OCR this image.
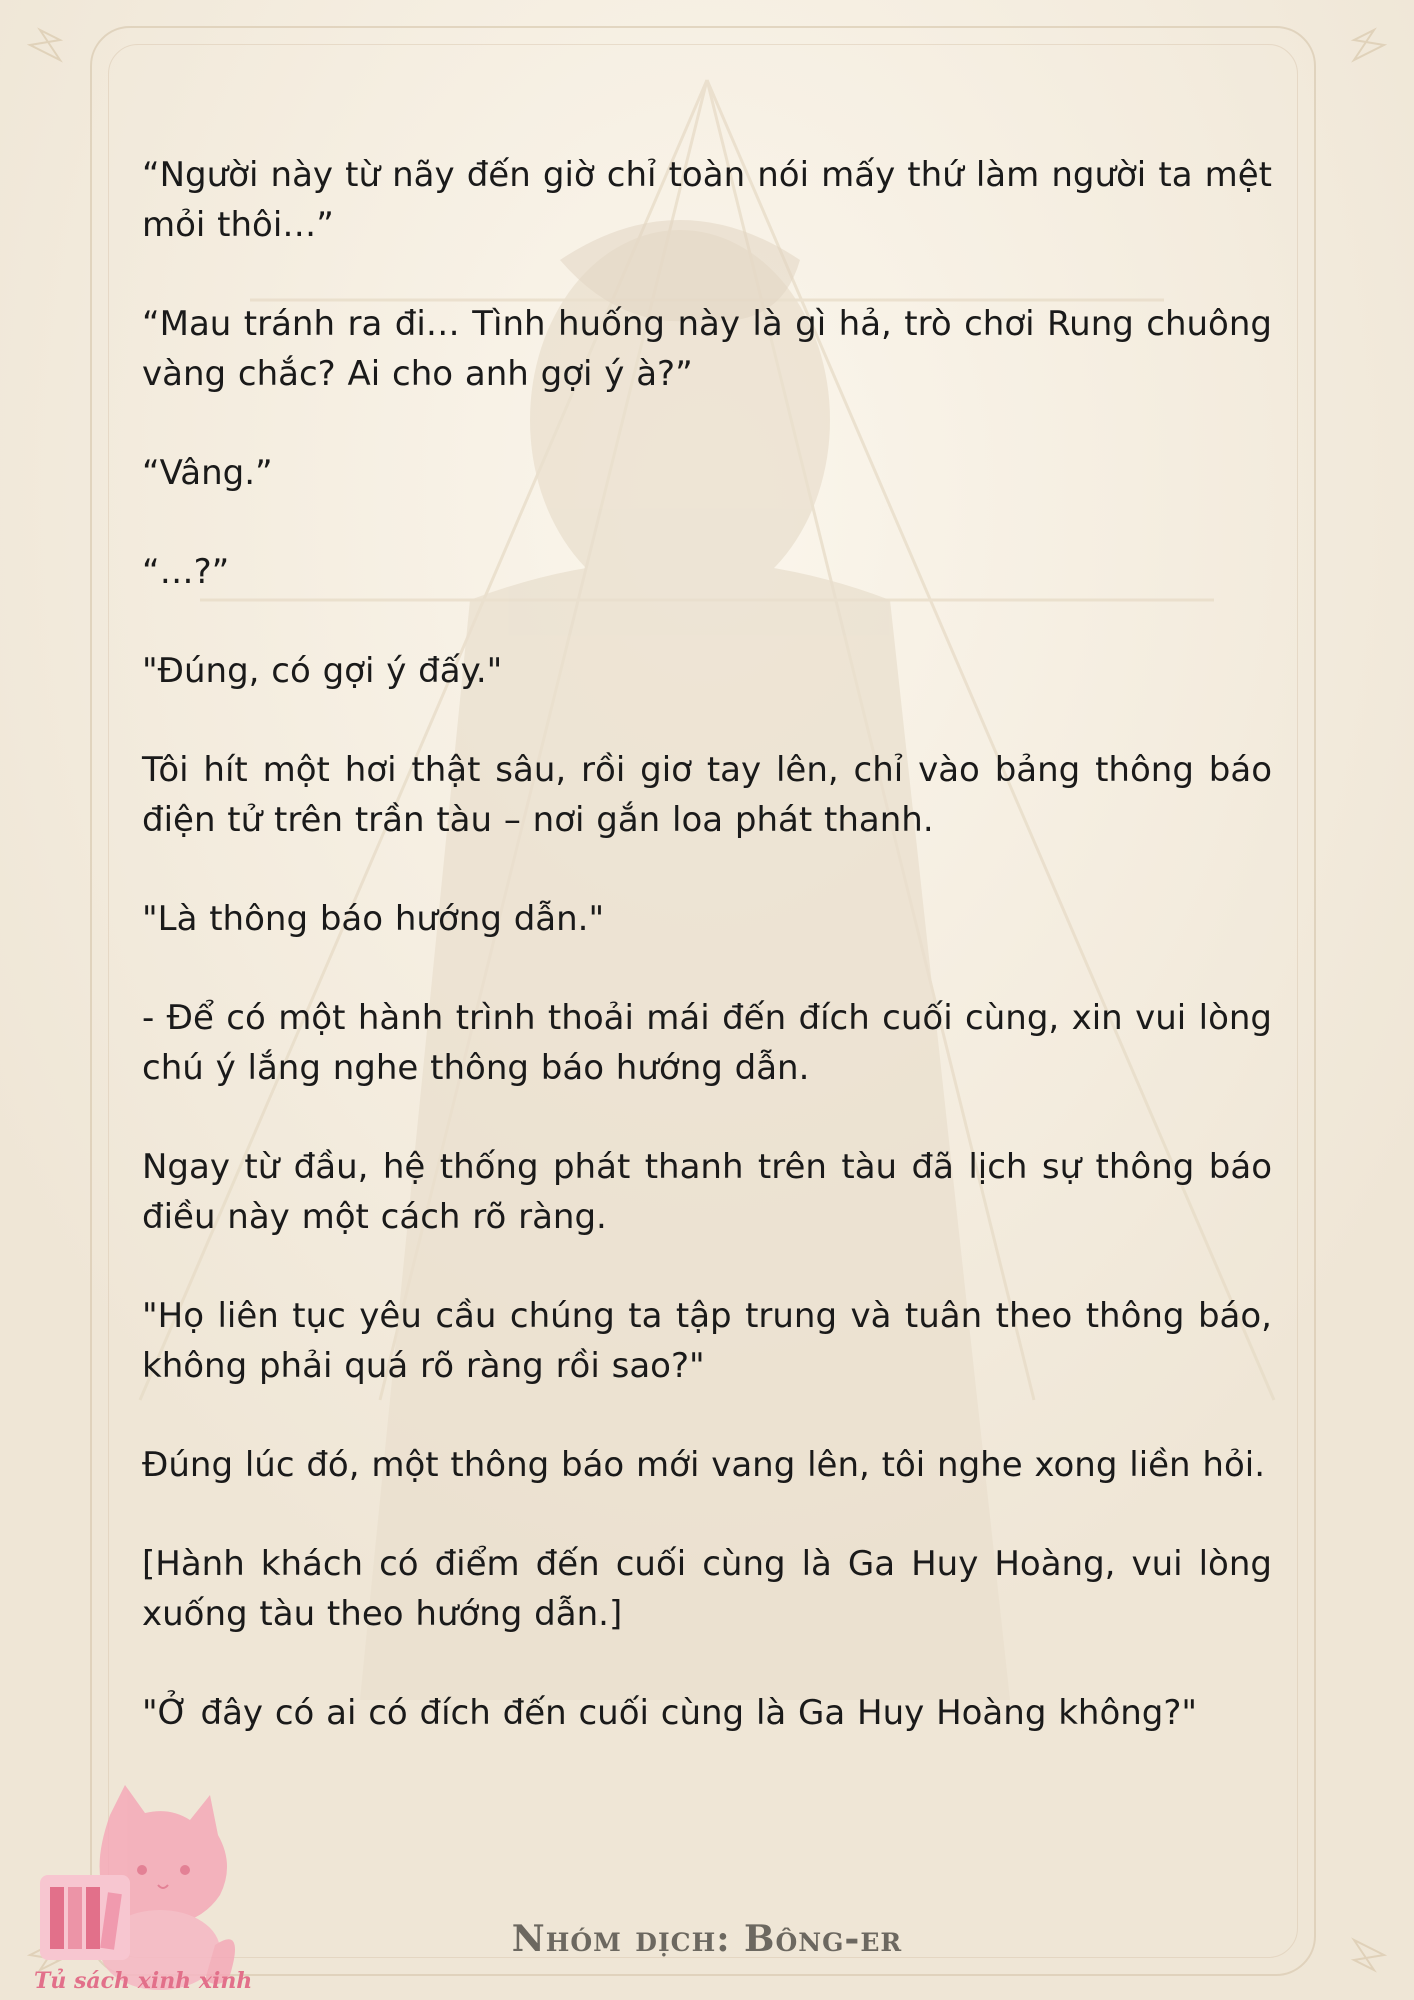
“Người này từ nãy đến giờ chỉ toàn nói mấy thứ làm người ta mệt mỏi thôi…”

“Mau tránh ra đi… Tình huống này là gì hả, trò chơi Rung chuông vàng chắc? Ai cho anh gợi ý à?”

“Vâng.”

“…?”

"Đúng, có gợi ý đấy."

Tôi hít một hơi thật sâu, rồi giơ tay lên, chỉ vào bảng thông báo điện tử trên trần tàu – nơi gắn loa phát thanh.

"Là thông báo hướng dẫn."

- Để có một hành trình thoải mái đến đích cuối cùng, xin vui lòng chú ý lắng nghe thông báo hướng dẫn.

Ngay từ đầu, hệ thống phát thanh trên tàu đã lịch sự thông báo điều này một cách rõ ràng.

"Họ liên tục yêu cầu chúng ta tập trung và tuân theo thông báo, không phải quá rõ ràng rồi sao?"

Đúng lúc đó, một thông báo mới vang lên, tôi nghe xong liền hỏi.

[Hành khách có điểm đến cuối cùng là Ga Huy Hoàng, vui lòng xuống tàu theo hướng dẫn.]

"Ở đây có ai có đích đến cuối cùng là Ga Huy Hoàng không?"

Tủ sách xinh xinh
Nhóm dịch: Bông-er
